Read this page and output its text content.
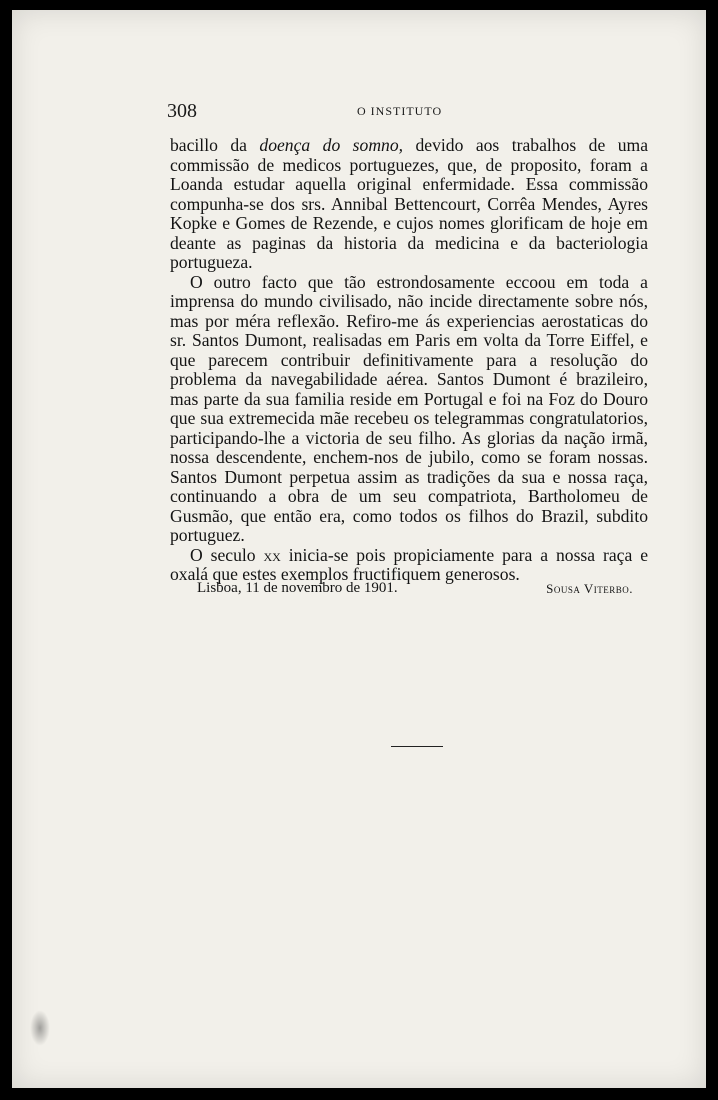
308	O INSTITUTO

bacillo da doença do somno, devido aos trabalhos de uma commissão de medicos portuguezes, que, de proposito, foram a Loanda estudar aquella original enfermidade. Essa commissão compunha-se dos srs. Annibal Bettencourt, Corrêa Mendes, Ayres Kopke e Gomes de Rezende, e cujos nomes glorificam de hoje em deante as paginas da historia da medicina e da bacteriologia portugueza.

O outro facto que tão estrondosamente eccoou em toda a imprensa do mundo civilisado, não incide directamente sobre nós, mas por méra reflexão. Refiro-me ás experiencias aerostaticas do sr. Santos Dumont, realisadas em Paris em volta da Torre Eiffel, e que parecem contribuir definitivamente para a resolução do problema da navegabilidade aérea. Santos Dumont é brazileiro, mas parte da sua familia reside em Portugal e foi na Foz do Douro que sua extremecida mãe recebeu os telegrammas congratulatorios, participando-lhe a victoria de seu filho. As glorias da nação irmã, nossa descendente, enchem-nos de jubilo, como se foram nossas. Santos Dumont perpetua assim as tradições da sua e nossa raça, continuando a obra de um seu compatriota, Bartholomeu de Gusmão, que então era, como todos os filhos do Brazil, subdito portuguez.

O seculo xx inicia-se pois propiciamente para a nossa raça e oxalá que estes exemplos fructifiquem generosos.

Lisboa, 11 de novembro de 1901.	Sousa Viterbo.
